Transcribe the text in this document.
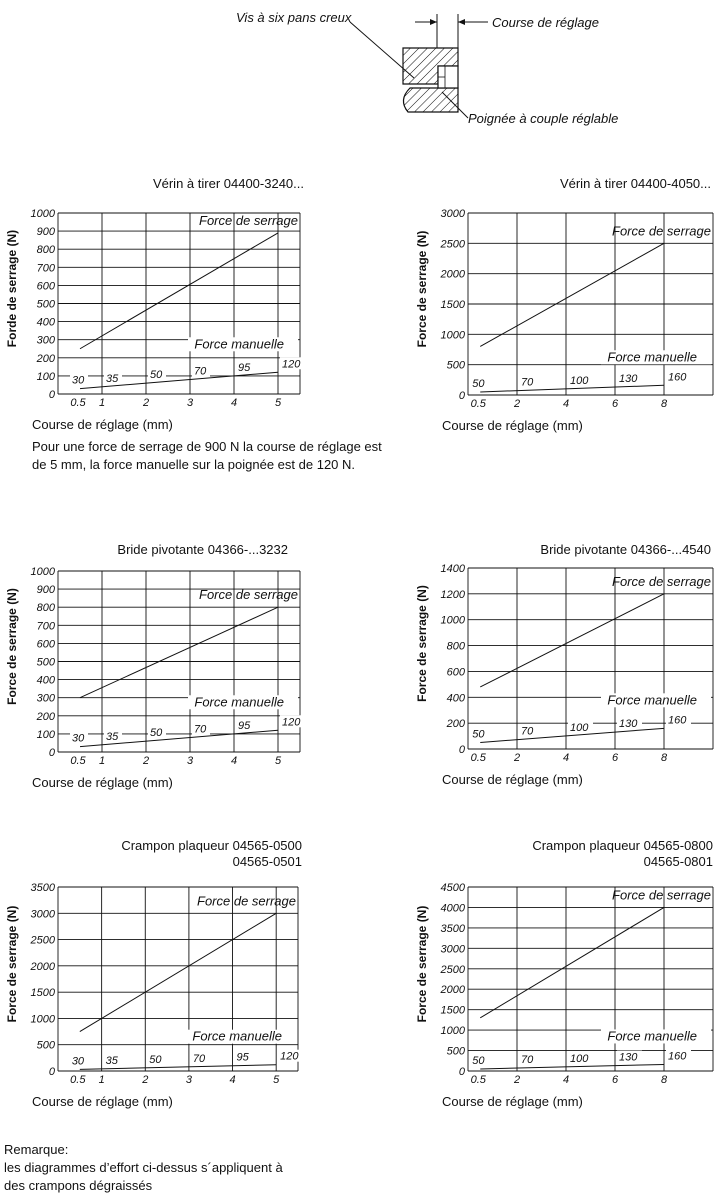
Vis à six pans creux	Course de réglage
Poignée à couple réglable
Vérin à tirer 04400-3240...
0
100
200
300
400
500
600
700
800
900
1000
0.5 1	2	3	4	5
Force de serrage
Force manuelle
30 35	50	70	95	120
Forde de serrage (N)
Course de réglage (mm)
Vérin à tirer 04400-4050...
0
500
1000
1500
2000
2500
3000
0.5	2	4	6	8
Force de serrage
Force manuelle
50	70	100	130	160
Force de serrage (N)
Course de réglage (mm)
Bride pivotante 04366-...3232
0
100
200
300
400
500
600
700
800
900
1000
0.5 1	2	3	4	5
Force de serrage
Force manuelle
30 35	50	70	95	120
Force de serrage (N)
Course de réglage (mm)
Bride pivotante 04366-...4540
0
200
400
600
800
1000
1200
1400
0.5	2	4	6	8
Force de serrage
Force manuelle
50	70	100	130	160
Force de serrage (N)
Course de réglage (mm)
Crampon plaqueur 04565-0500
04565-0501
0
500
1000
1500
2000
2500
3000
3500
0.5 1	2	3	4	5
Force de serrage
Force manuelle
30 35	50	70	95	120
Force de serrage (N)
Course de réglage (mm)
Crampon plaqueur 04565-0800
04565-0801
0
500
1000
1500
2000
2500
3000
3500
4000
4500
0.5	2	4	6	8
Force de serrage
Force manuelle
50	70	100	130	160
Force de serrage (N)
Course de réglage (mm)
Pour une force de serrage de 900 N la course de réglage est
de 5 mm, la force manuelle sur la poignée est de 120 N.
Remarque:
les diagrammes d’effort ci-dessus s´appliquent à
des crampons dégraissés
